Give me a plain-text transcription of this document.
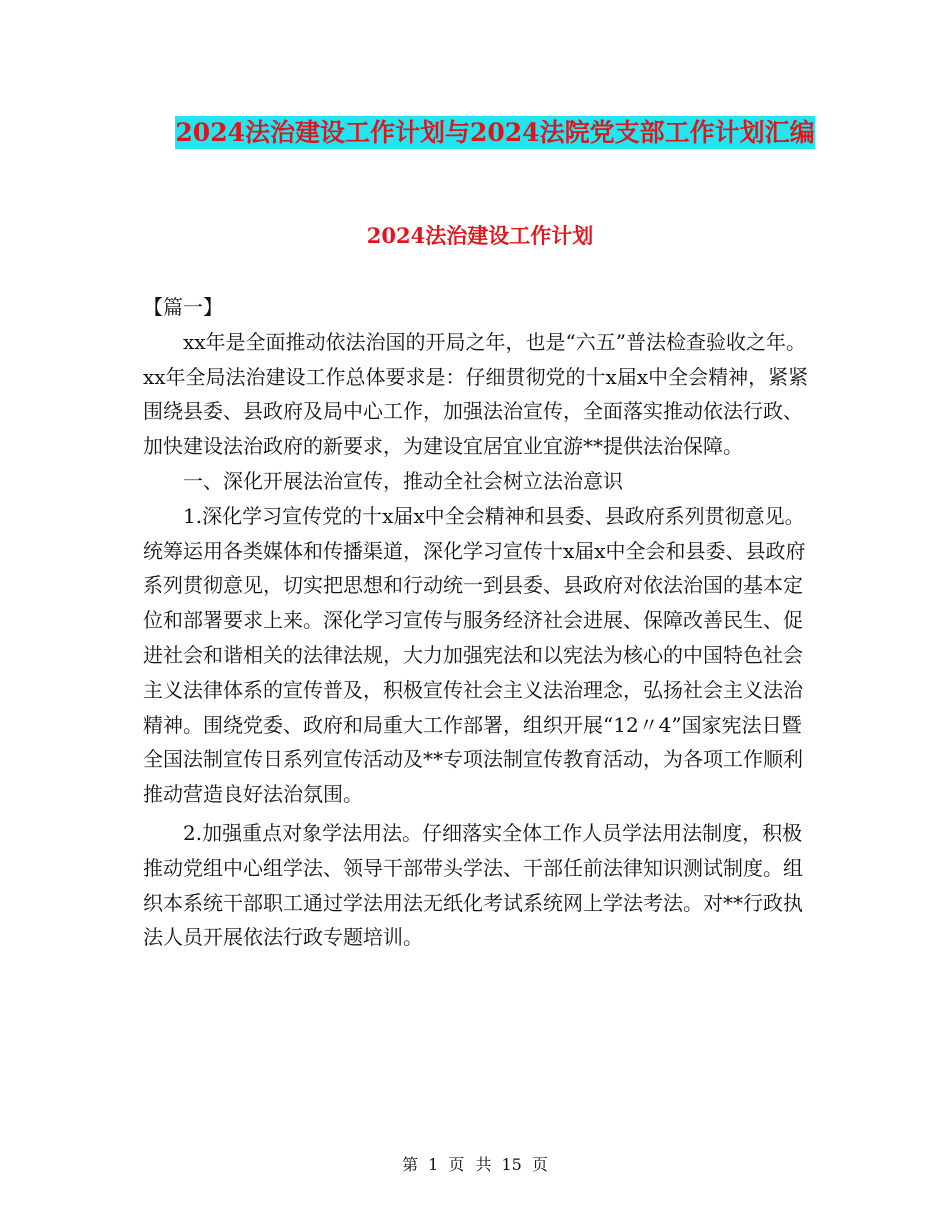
2024法治建设工作计划与2024法院党支部工作计划汇编
2024法治建设工作计划

【篇一】

xx年是全面推动依法治国的开局之年，也是“六五”普法检查验收之年。xx年全局法治建设工作总体要求是：仔细贯彻党的十x届x中全会精神，紧紧围绕县委、县政府及局中心工作，加强法治宣传，全面落实推动依法行政、加快建设法治政府的新要求，为建设宜居宜业宜游**提供法治保障。

一、深化开展法治宣传，推动全社会树立法治意识

1.深化学习宣传党的十x届x中全会精神和县委、县政府系列贯彻意见。统筹运用各类媒体和传播渠道，深化学习宣传十x届x中全会和县委、县政府系列贯彻意见，切实把思想和行动统一到县委、县政府对依法治国的基本定位和部署要求上来。深化学习宣传与服务经济社会进展、保障改善民生、促进社会和谐相关的法律法规，大力加强宪法和以宪法为核心的中国特色社会主义法律体系的宣传普及，积极宣传社会主义法治理念，弘扬社会主义法治精神。围绕党委、政府和局重大工作部署，组织开展“12〃4”国家宪法日暨全国法制宣传日系列宣传活动及**专项法制宣传教育活动，为各项工作顺利推动营造良好法治氛围。

2.加强重点对象学法用法。仔细落实全体工作人员学法用法制度，积极推动党组中心组学法、领导干部带头学法、干部任前法律知识测试制度。组织本系统干部职工通过学法用法无纸化考试系统网上学法考法。对**行政执法人员开展依法行政专题培训。

第 1 页 共 15 页
